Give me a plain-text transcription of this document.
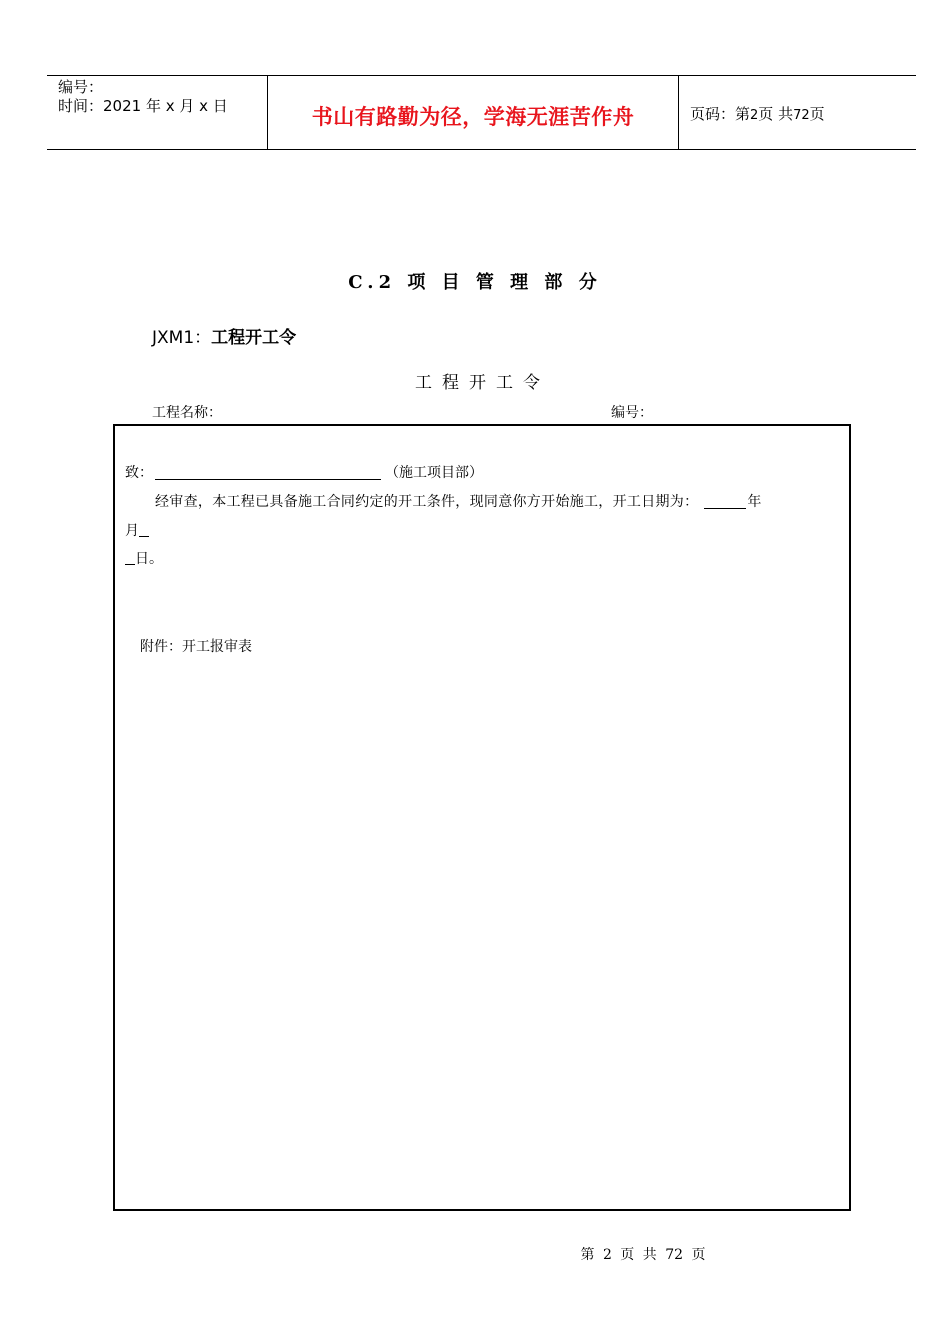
编号：
时间：2021 年 x 月 x 日	书山有路勤为径，学海无涯苦作舟	页码：第2页 共72页
C.2 项 目 管 理 部 分
JXM1：工程开工令
工程开工令
工程名称：	编号：
致：	（施工项目部）
经审查，本工程已具备施工合同约定的开工条件，现同意你方开始施工，开工日期为：	年
月
日。
附件：开工报审表
第 2 页 共 72 页
